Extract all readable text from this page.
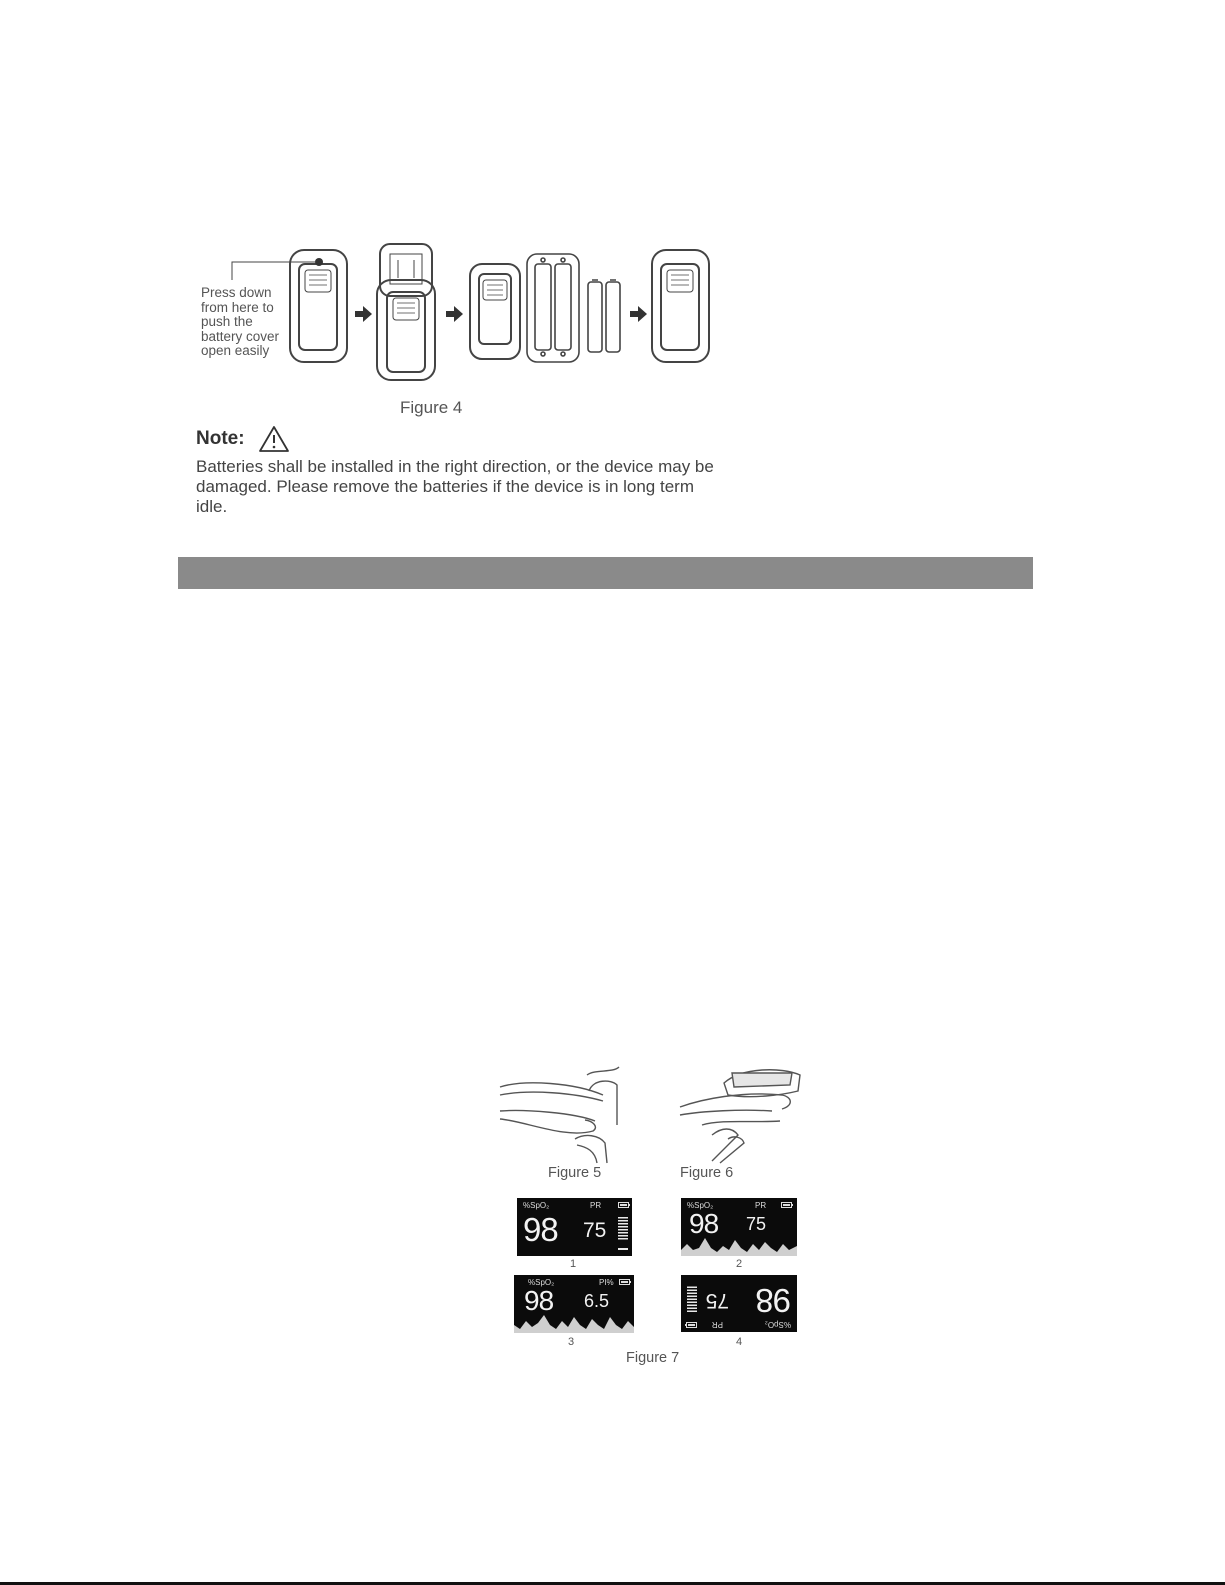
Press down
from here to
push the
battery cover
open easily
Figure 4
Note:
Batteries shall be installed in the right direction, or the device may be damaged. Please remove the batteries if the device is in long term idle.
Figure 5	Figure 6
%SpO₂	PR
98 75
1
%SpO₂	PR
98 75
2
%SpO₂	PI%
98 6.5
3
%SpO₂
PR
98
75
4
Figure 7
